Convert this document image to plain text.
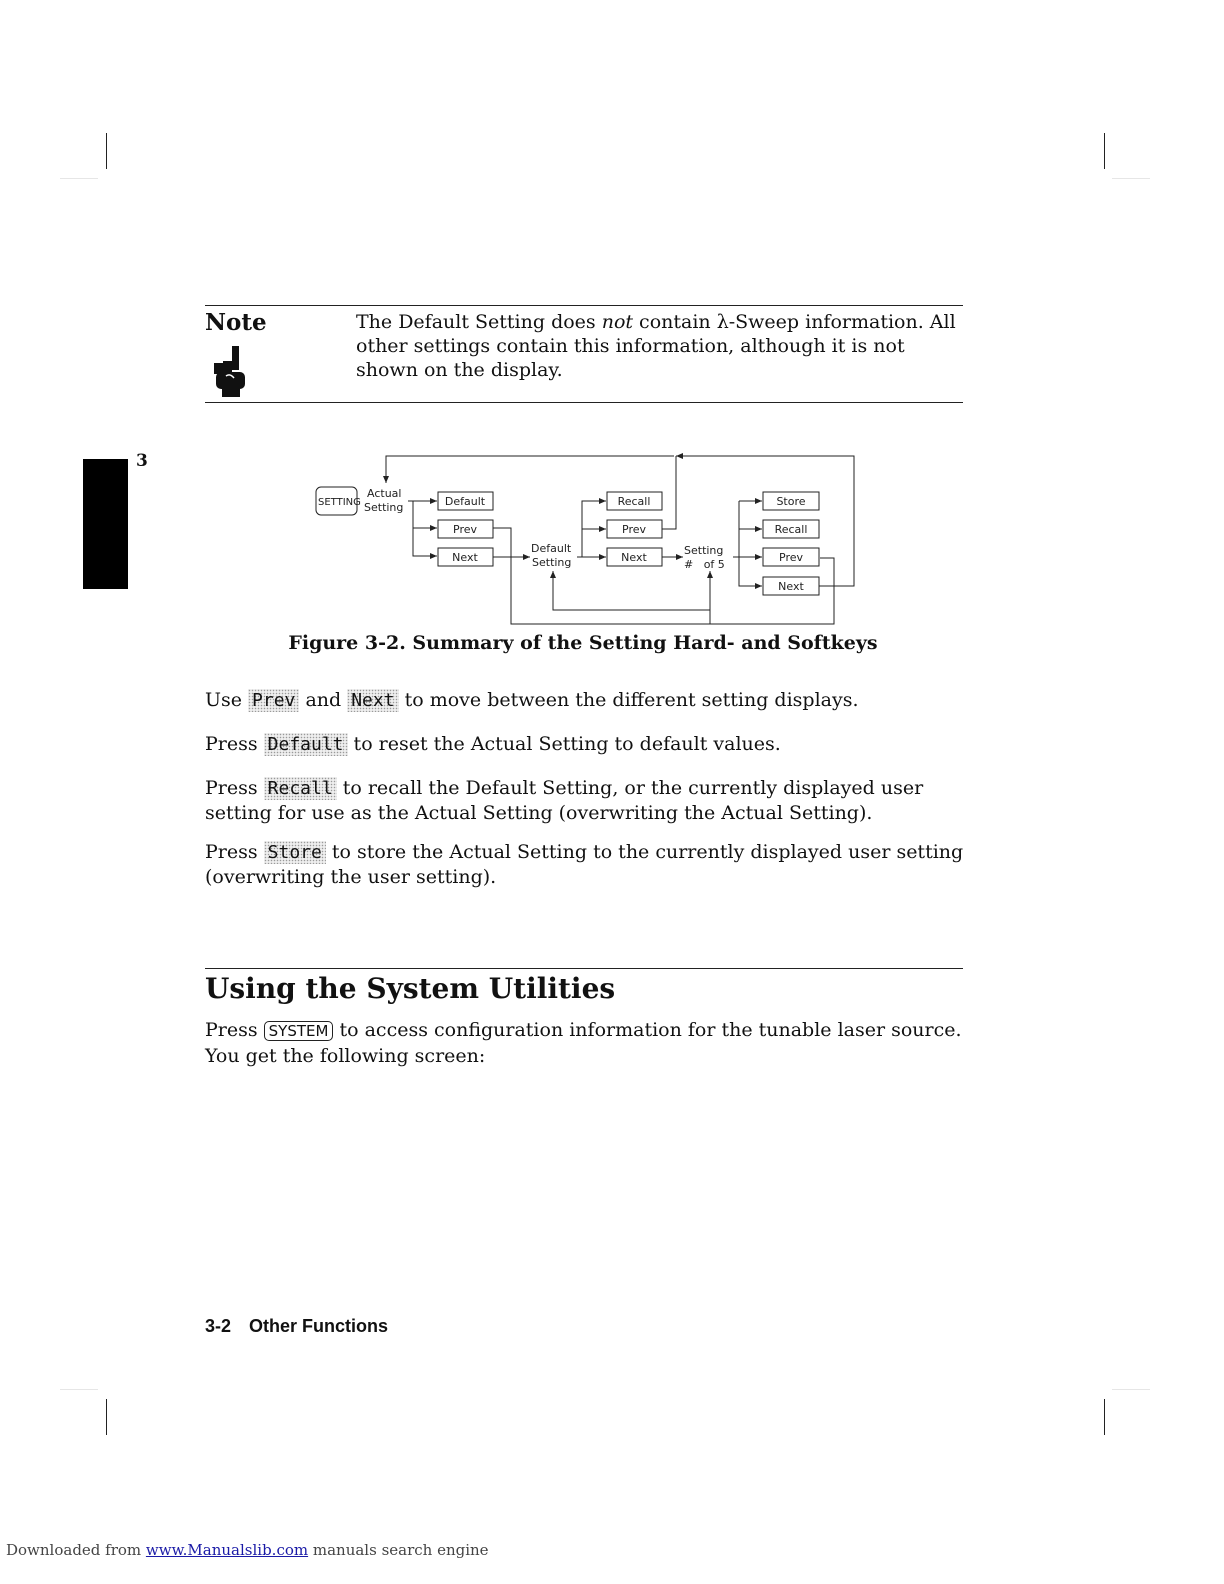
3
Note	The Default Setting does not contain λ-Sweep information. All other settings contain this information, although it is not shown on the display.
SETTING
Actual
Setting	Default
Prev
Next
Default
Setting
Recall
Prev
Next
Setting
#   of 5
Store
Recall
Prev
Next
Figure 3-2. Summary of the Setting Hard- and Softkeys
Use Prev and Next to move between the different setting displays.
Press Default to reset the Actual Setting to default values.
Press Recall to recall the Default Setting, or the currently displayed user setting for use as the Actual Setting (overwriting the Actual Setting).
Press Store to store the Actual Setting to the currently displayed user setting (overwriting the user setting).
Using the System Utilities
Press SYSTEM to access configuration information for the tunable laser source. You get the following screen:
3-2 Other Functions
Downloaded from www.Manualslib.com manuals search engine
